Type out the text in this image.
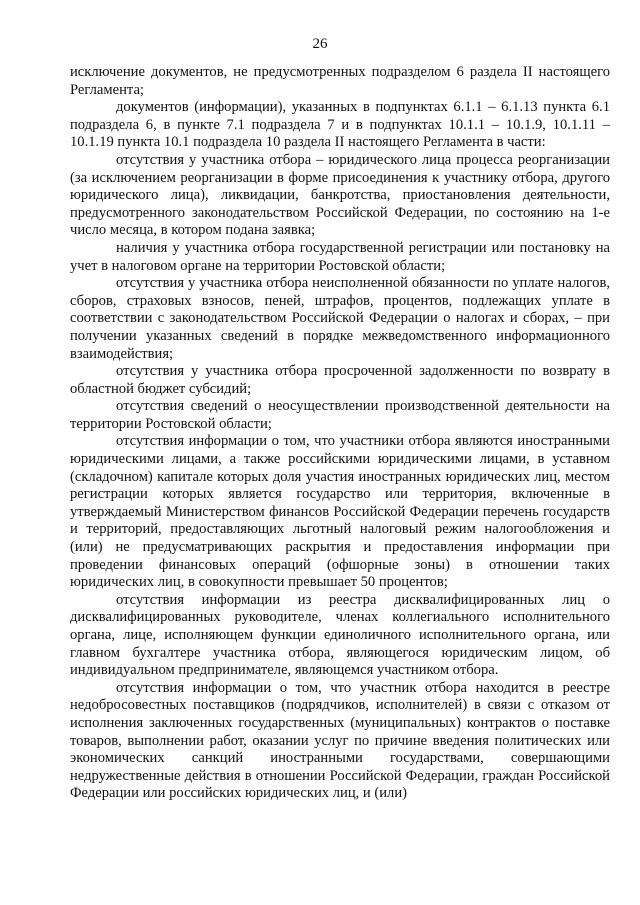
26

исключение документов, не предусмотренных подразделом 6 раздела II настоящего Регламента;

документов (информации), указанных в подпунктах 6.1.1 – 6.1.13 пункта 6.1 подраздела 6, в пункте 7.1 подраздела 7 и в подпунктах 10.1.1 – 10.1.9, 10.1.11 – 10.1.19 пункта 10.1 подраздела 10 раздела II настоящего Регламента в части:

отсутствия у участника отбора – юридического лица процесса реорганизации (за исключением реорганизации в форме присоединения к участнику отбора, другого юридического лица), ликвидации, банкротства, приостановления деятельности, предусмотренного законодательством Российской Федерации, по состоянию на 1-е число месяца, в котором подана заявка;

наличия у участника отбора государственной регистрации или постановку на учет в налоговом органе на территории Ростовской области;

отсутствия у участника отбора неисполненной обязанности по уплате налогов, сборов, страховых взносов, пеней, штрафов, процентов, подлежащих уплате в соответствии с законодательством Российской Федерации о налогах и сборах, – при получении указанных сведений в порядке межведомственного информационного взаимодействия;

отсутствия у участника отбора просроченной задолженности по возврату в областной бюджет субсидий;

отсутствия сведений о неосуществлении производственной деятельности на территории Ростовской области;

отсутствия информации о том, что участники отбора являются иностранными юридическими лицами, а также российскими юридическими лицами, в уставном (складочном) капитале которых доля участия иностранных юридических лиц, местом регистрации которых является государство или территория, включенные в утверждаемый Министерством финансов Российской Федерации перечень государств и территорий, предоставляющих льготный налоговый режим налогообложения и (или) не предусматривающих раскрытия и предоставления информации при проведении финансовых операций (офшорные зоны) в отношении таких юридических лиц, в совокупности превышает 50 процентов;

отсутствия информации из реестра дисквалифицированных лиц о дисквалифицированных руководителе, членах коллегиального исполнительного органа, лице, исполняющем функции единоличного исполнительного органа, или главном бухгалтере участника отбора, являющегося юридическим лицом, об индивидуальном предпринимателе, являющемся участником отбора.

отсутствия информации о том, что участник отбора находится в реестре недобросовестных поставщиков (подрядчиков, исполнителей) в связи с отказом от исполнения заключенных государственных (муниципальных) контрактов о поставке товаров, выполнении работ, оказании услуг по причине введения политических или экономических санкций иностранными государствами, совершающими недружественные действия в отношении Российской Федерации, граждан Российской Федерации или российских юридических лиц, и (или)
